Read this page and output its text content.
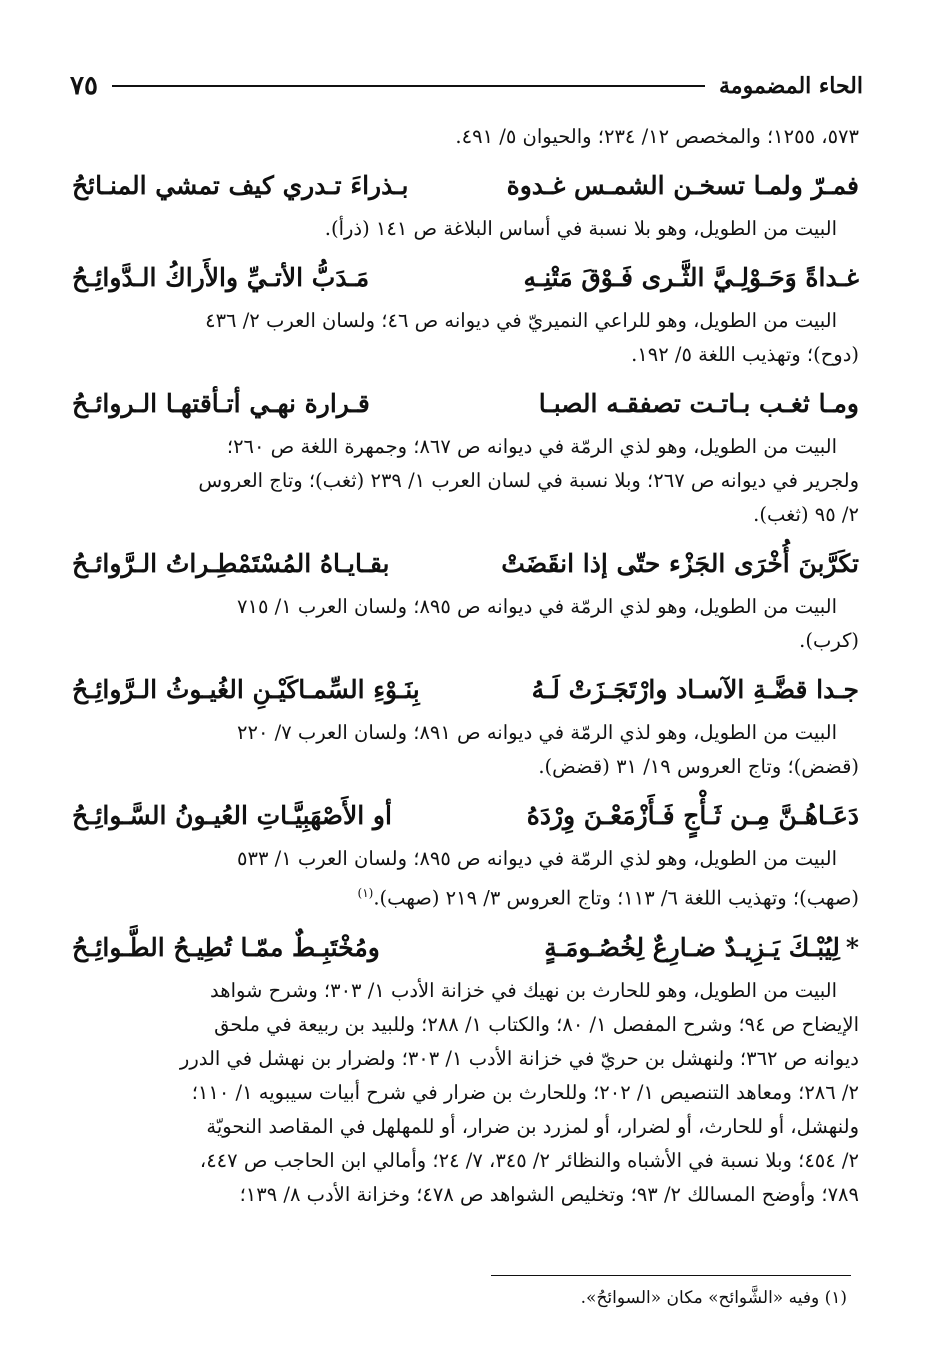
الحاء المضمومة
٧٥
٥٧٣، ١٢٥٥؛ والمخصص ١٢/ ٢٣٤؛ والحيوان ٥/ ٤٩١.
فمـرّ ولمـا تسخـن الشمـس غـدوة
بـذراءَ تـدري كيف تمشي المنـائحُ
البيت من الطويل، وهو بلا نسبة في أساس البلاغة ص ١٤١ (ذرأ).
غـداةً وَحَـوْلِـيَّ الثَّـرى فَـوْقَ مَتْنِـهِ
مَـدَبُّ الأتـيِّ والأَراكُ الـدَّوائِـحُ
البيت من الطويل، وهو للراعي النميريّ في ديوانه ص ٤٦؛ ولسان العرب ٢/ ٤٣٦
(دوح)؛ وتهذيب اللغة ٥/ ١٩٢.
ومـا ثغـب بـاتـت تصفقـه الصبـا
قـرارة نهـي أتـأقتهـا الـروائـحُ
البيت من الطويل، وهو لذي الرمّة في ديوانه ص ٨٦٧؛ وجمهرة اللغة ص ٢٦٠؛
ولجرير في ديوانه ص ٢٦٧؛ وبلا نسبة في لسان العرب ١/ ٢٣٩ (ثغب)؛ وتاج العروس
٢/ ٩٥ (ثغب).
تكَرَّبنَ أُخْرَى الجَزْء حتّى إذا انقَضَتْ
بقـايـاهُ المُسْتَمْطِـراتُ الـرَّوائـحُ
البيت من الطويل، وهو لذي الرمّة في ديوانه ص ٨٩٥؛ ولسان العرب ١/ ٧١٥
(كرب).
جـدا قضَّـةِ الآسـاد وارْتَجَـزَتْ لَـهُ
بِنَـوْءِ السِّمـاكَيْـنِ الغُيـوثُ الـرَّوائِـحُ
البيت من الطويل، وهو لذي الرمّة في ديوانه ص ٨٩١؛ ولسان العرب ٧/ ٢٢٠
(قضض)؛ وتاج العروس ١٩/ ٣١ (قضض).
دَعَـاهُـنَّ مِـن ثَـأْجٍ فَـأَزْمَعْـنَ وِرْدَهُ
أو الأَصْهَبِيَّـاتِ العُيـونُ السَّـوائِـحُ
البيت من الطويل، وهو لذي الرمّة في ديوانه ص ٨٩٥؛ ولسان العرب ١/ ٥٣٣
(صهب)؛ وتهذيب اللغة ٦/ ١١٣؛ وتاج العروس ٣/ ٢١٩ (صهب).$^{(١)}$
*لِيُبْـكَ يَـزِيـدٌ ضـارِعٌ لِخُصُـومَـةٍ
ومُخْتَبِـطٌ ممّـا تُطِيـحُ الطَّـوائِـحُ
البيت من الطويل، وهو للحارث بن نهيك في خزانة الأدب ١/ ٣٠٣؛ وشرح شواهد
الإيضاح ص ٩٤؛ وشرح المفصل ١/ ٨٠؛ والكتاب ١/ ٢٨٨؛ وللبيد بن ربيعة في ملحق
ديوانه ص ٣٦٢؛ ولنهشل بن حريّ في خزانة الأدب ١/ ٣٠٣؛ ولضرار بن نهشل في الدرر
٢/ ٢٨٦؛ ومعاهد التنصيص ١/ ٢٠٢؛ وللحارث بن ضرار في شرح أبيات سيبويه ١/ ١١٠؛
ولنهشل، أو للحارث، أو لضرار، أو لمزرد بن ضرار، أو للمهلهل في المقاصد النحويّة
٢/ ٤٥٤؛ وبلا نسبة في الأشباه والنظائر ٢/ ٣٤٥، ٧/ ٢٤؛ وأمالي ابن الحاجب ص ٤٤٧،
٧٨٩؛ وأوضح المسالك ٢/ ٩٣؛ وتخليص الشواهد ص ٤٧٨؛ وخزانة الأدب ٨/ ١٣٩؛
(١) وفيه «الشَّوائح» مكان «السوائحُ».
